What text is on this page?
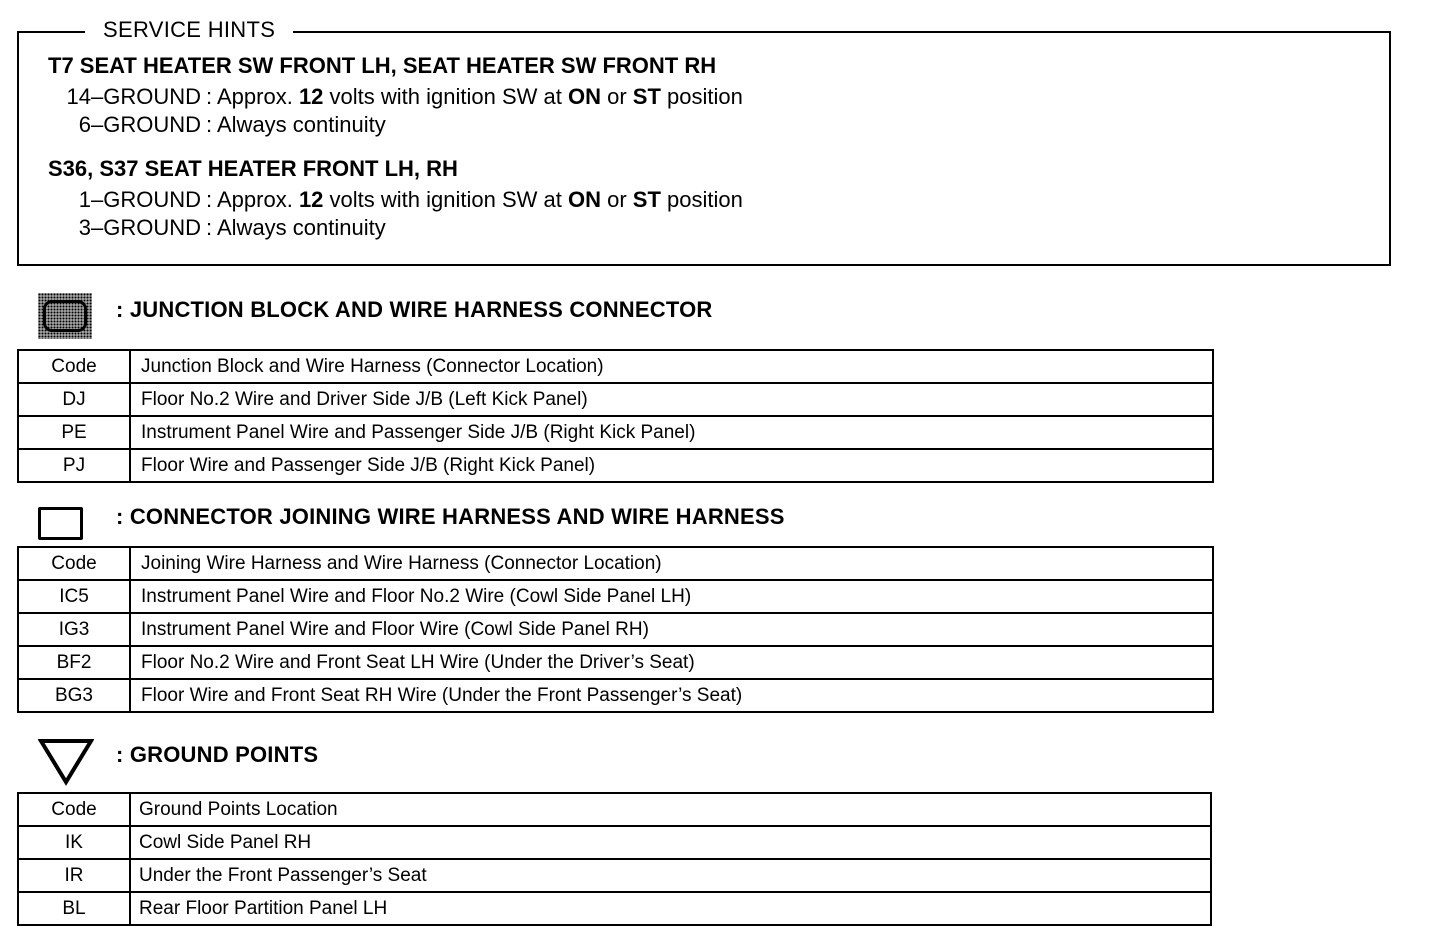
SERVICE HINTS
T7 SEAT HEATER SW FRONT LH, SEAT HEATER SW FRONT RH
14–GROUND : Approx. 12 volts with ignition SW at ON or ST position
6–GROUND : Always continuity
S36, S37 SEAT HEATER FRONT LH, RH
1–GROUND : Approx. 12 volts with ignition SW at ON or ST position
3–GROUND : Always continuity
: JUNCTION BLOCK AND WIRE HARNESS CONNECTOR
Code	Junction Block and Wire Harness (Connector Location)
DJ	Floor No.2 Wire and Driver Side J/B (Left Kick Panel)
PE	Instrument Panel Wire and Passenger Side J/B (Right Kick Panel)
PJ	Floor Wire and Passenger Side J/B (Right Kick Panel)
: CONNECTOR JOINING WIRE HARNESS AND WIRE HARNESS
Code	Joining Wire Harness and Wire Harness (Connector Location)
IC5	Instrument Panel Wire and Floor No.2 Wire (Cowl Side Panel LH)
IG3	Instrument Panel Wire and Floor Wire (Cowl Side Panel RH)
BF2	Floor No.2 Wire and Front Seat LH Wire (Under the Driver’s Seat)
BG3	Floor Wire and Front Seat RH Wire (Under the Front Passenger’s Seat)
: GROUND POINTS
Code	Ground Points Location
IK	Cowl Side Panel RH
IR	Under the Front Passenger’s Seat
BL	Rear Floor Partition Panel LH
